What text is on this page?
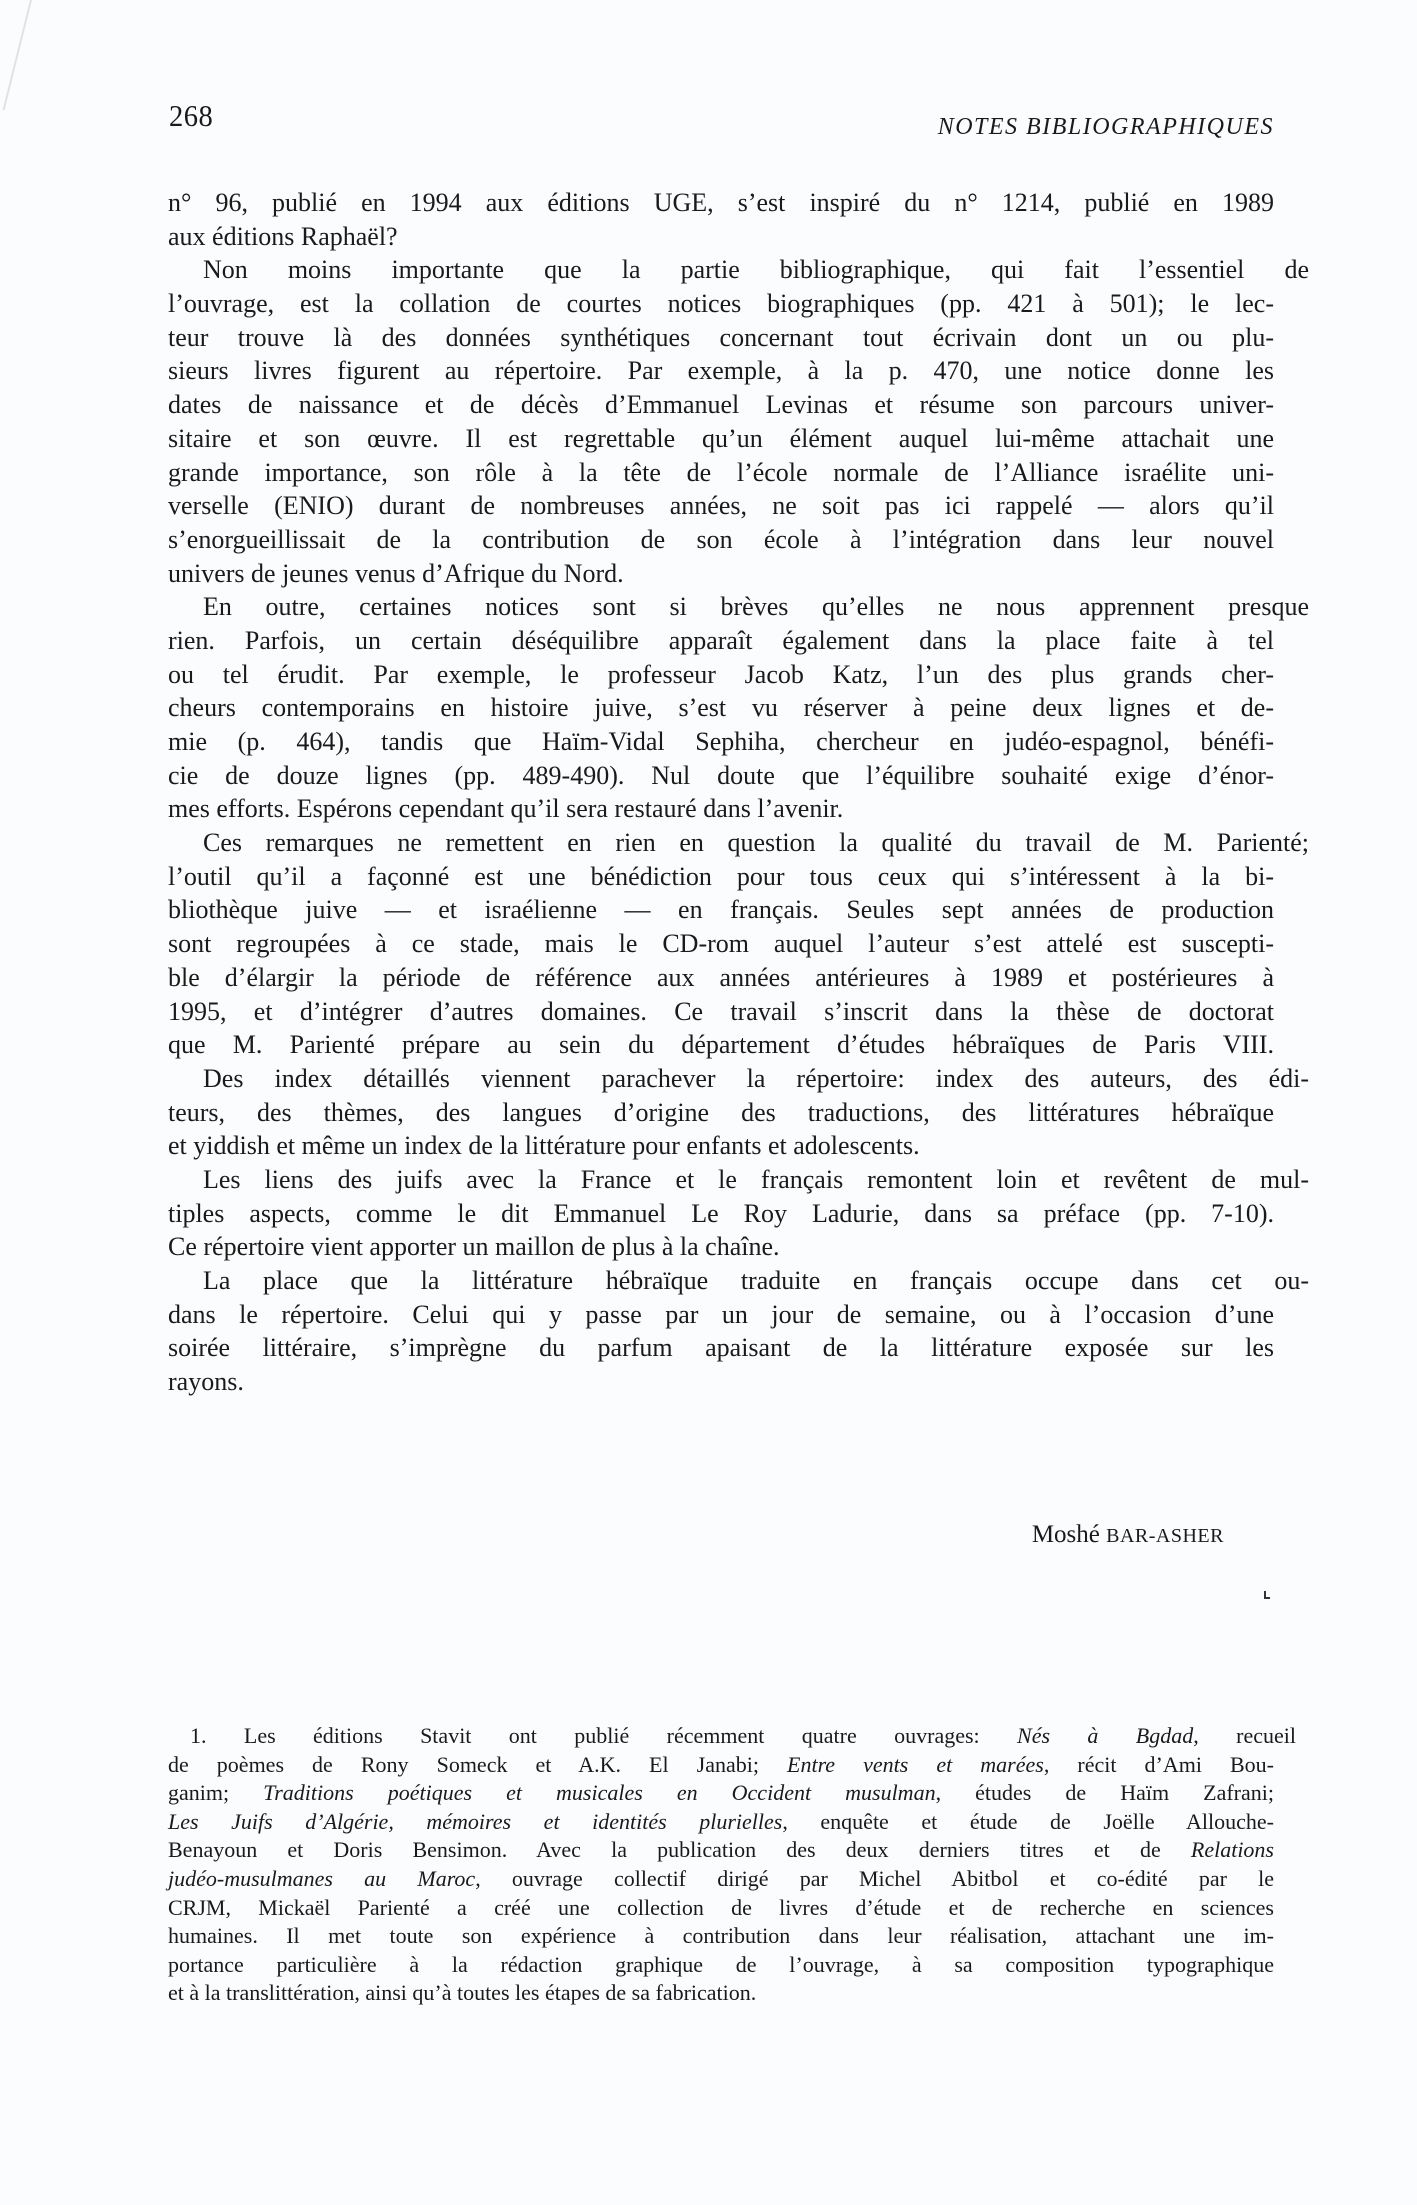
268	NOTES BIBLIOGRAPHIQUES
n° 96, publié en 1994 aux éditions UGE, s’est inspiré du n° 1214, publié en 1989
aux éditions Raphaël?
Non moins importante que la partie bibliographique, qui fait l’essentiel de
l’ouvrage, est la collation de courtes notices biographiques (pp. 421 à 501); le lec-
teur trouve là des données synthétiques concernant tout écrivain dont un ou plu-
sieurs livres figurent au répertoire. Par exemple, à la p. 470, une notice donne les
dates de naissance et de décès d’Emmanuel Levinas et résume son parcours univer-
sitaire et son œuvre. Il est regrettable qu’un élément auquel lui-même attachait une
grande importance, son rôle à la tête de l’école normale de l’Alliance israélite uni-
verselle (ENIO) durant de nombreuses années, ne soit pas ici rappelé — alors qu’il
s’enorgueillissait de la contribution de son école à l’intégration dans leur nouvel
univers de jeunes venus d’Afrique du Nord.
En outre, certaines notices sont si brèves qu’elles ne nous apprennent presque
rien. Parfois, un certain déséquilibre apparaît également dans la place faite à tel
ou tel érudit. Par exemple, le professeur Jacob Katz, l’un des plus grands cher-
cheurs contemporains en histoire juive, s’est vu réserver à peine deux lignes et de-
mie (p. 464), tandis que Haïm-Vidal Sephiha, chercheur en judéo-espagnol, bénéfi-
cie de douze lignes (pp. 489-490). Nul doute que l’équilibre souhaité exige d’énor-
mes efforts. Espérons cependant qu’il sera restauré dans l’avenir.
Ces remarques ne remettent en rien en question la qualité du travail de M. Parienté;
l’outil qu’il a façonné est une bénédiction pour tous ceux qui s’intéressent à la bi-
bliothèque juive — et israélienne — en français. Seules sept années de production
sont regroupées à ce stade, mais le CD-rom auquel l’auteur s’est attelé est suscepti-
ble d’élargir la période de référence aux années antérieures à 1989 et postérieures à
1995, et d’intégrer d’autres domaines. Ce travail s’inscrit dans la thèse de doctorat
que M. Parienté prépare au sein du département d’études hébraïques de Paris VIII.
Des index détaillés viennent parachever la répertoire: index des auteurs, des édi-
teurs, des thèmes, des langues d’origine des traductions, des littératures hébraïque
et yiddish et même un index de la littérature pour enfants et adolescents.
Les liens des juifs avec la France et le français remontent loin et revêtent de mul-
tiples aspects, comme le dit Emmanuel Le Roy Ladurie, dans sa préface (pp. 7-10).
Ce répertoire vient apporter un maillon de plus à la chaîne.
La place que la littérature hébraïque traduite en français occupe dans cet ou-
dans le répertoire. Celui qui y passe par un jour de semaine, ou à l’occasion d’une
soirée littéraire, s’imprègne du parfum apaisant de la littérature exposée sur les
rayons.
Moshé BAR-ASHER
1. Les éditions Stavit ont publié récemment quatre ouvrages: Nés à Bgdad, recueil
de poèmes de Rony Someck et A.K. El Janabi; Entre vents et marées, récit d’Ami Bou-
ganim; Traditions poétiques et musicales en Occident musulman, études de Haïm Zafrani;
Les Juifs d’Algérie, mémoires et identités plurielles, enquête et étude de Joëlle Allouche-
Benayoun et Doris Bensimon. Avec la publication des deux derniers titres et de Relations
judéo-musulmanes au Maroc, ouvrage collectif dirigé par Michel Abitbol et co-édité par le
CRJM, Mickaël Parienté a créé une collection de livres d’étude et de recherche en sciences
humaines. Il met toute son expérience à contribution dans leur réalisation, attachant une im-
portance particulière à la rédaction graphique de l’ouvrage, à sa composition typographique
et à la translittération, ainsi qu’à toutes les étapes de sa fabrication.
